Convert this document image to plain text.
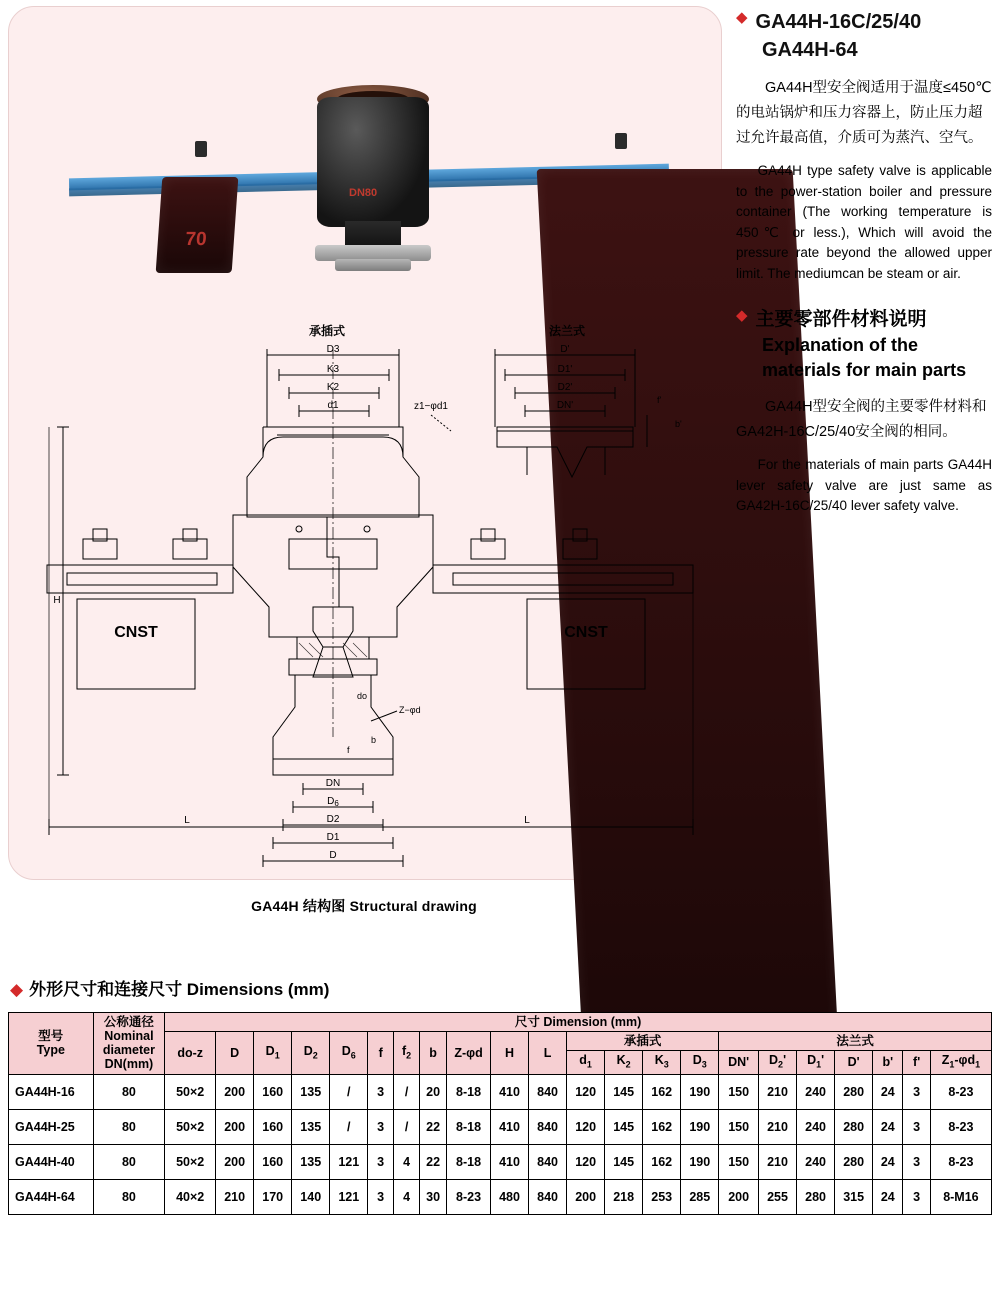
70
DN80
承插式	法兰式
D3
K3
K2
d1	z1−φd1
D'
D1'
D2'
DN'	f'
b'
CNST	CNST
do
Z−φd
b
f
DN
$D_6$
D2
D1
D
L	L
H
GA44H 结构图 Structural drawing
◆ GA44H-16C/25/40
GA44H-64

GA44H型安全阀适用于温度≤450℃的电站锅炉和压力容器上，防止压力超过允许最高值，介质可为蒸汽、空气。

GA44H type safety valve is applicable to the power-station boiler and pressure container (The working temperature is 450℃ or less.), Which will avoid the pressure rate beyond the allowed upper limit. The mediumcan be steam or air.

◆ 主要零部件材料说明
Explanation of the materials for main parts

GA44H型安全阀的主要零件材料和GA42H-16C/25/40安全阀的相同。

For the materials of main parts GA44H lever safety valve are just same as GA42H-16C/25/40 lever safety valve.

◆ 外形尺寸和连接尺寸 Dimensions (mm)
型号
Type

公称通径
Nominal
diameter
DN(mm)
	尺寸 Dimension (mm)
		do-z	D	$D_1$	$D_2$	$D_6$	f	$f_2$	b	Z-φd	H	L	承插式				法兰式						
													$d_1$	$K_2$	$K_3$	$D_3$	DN'	$D_2'$	$D_1'$	D'	b'	f'	$Z_1-\varphi d_1$
GA44H-16	80	50×2	200	160	135	/	3	/	20	8-18	410	840	120	145	162	190	150	210	240	280	24	3	8-23
GA44H-25	80	50×2	200	160	135	/	3	/	22	8-18	410	840	120	145	162	190	150	210	240	280	24	3	8-23
GA44H-40	80	50×2	200	160	135	121	3	4	22	8-18	410	840	120	145	162	190	150	210	240	280	24	3	8-23
GA44H-64	80	40×2	210	170	140	121	3	4	30	8-23	480	840	200	218	253	285	200	255	280	315	24	3	8-M16
